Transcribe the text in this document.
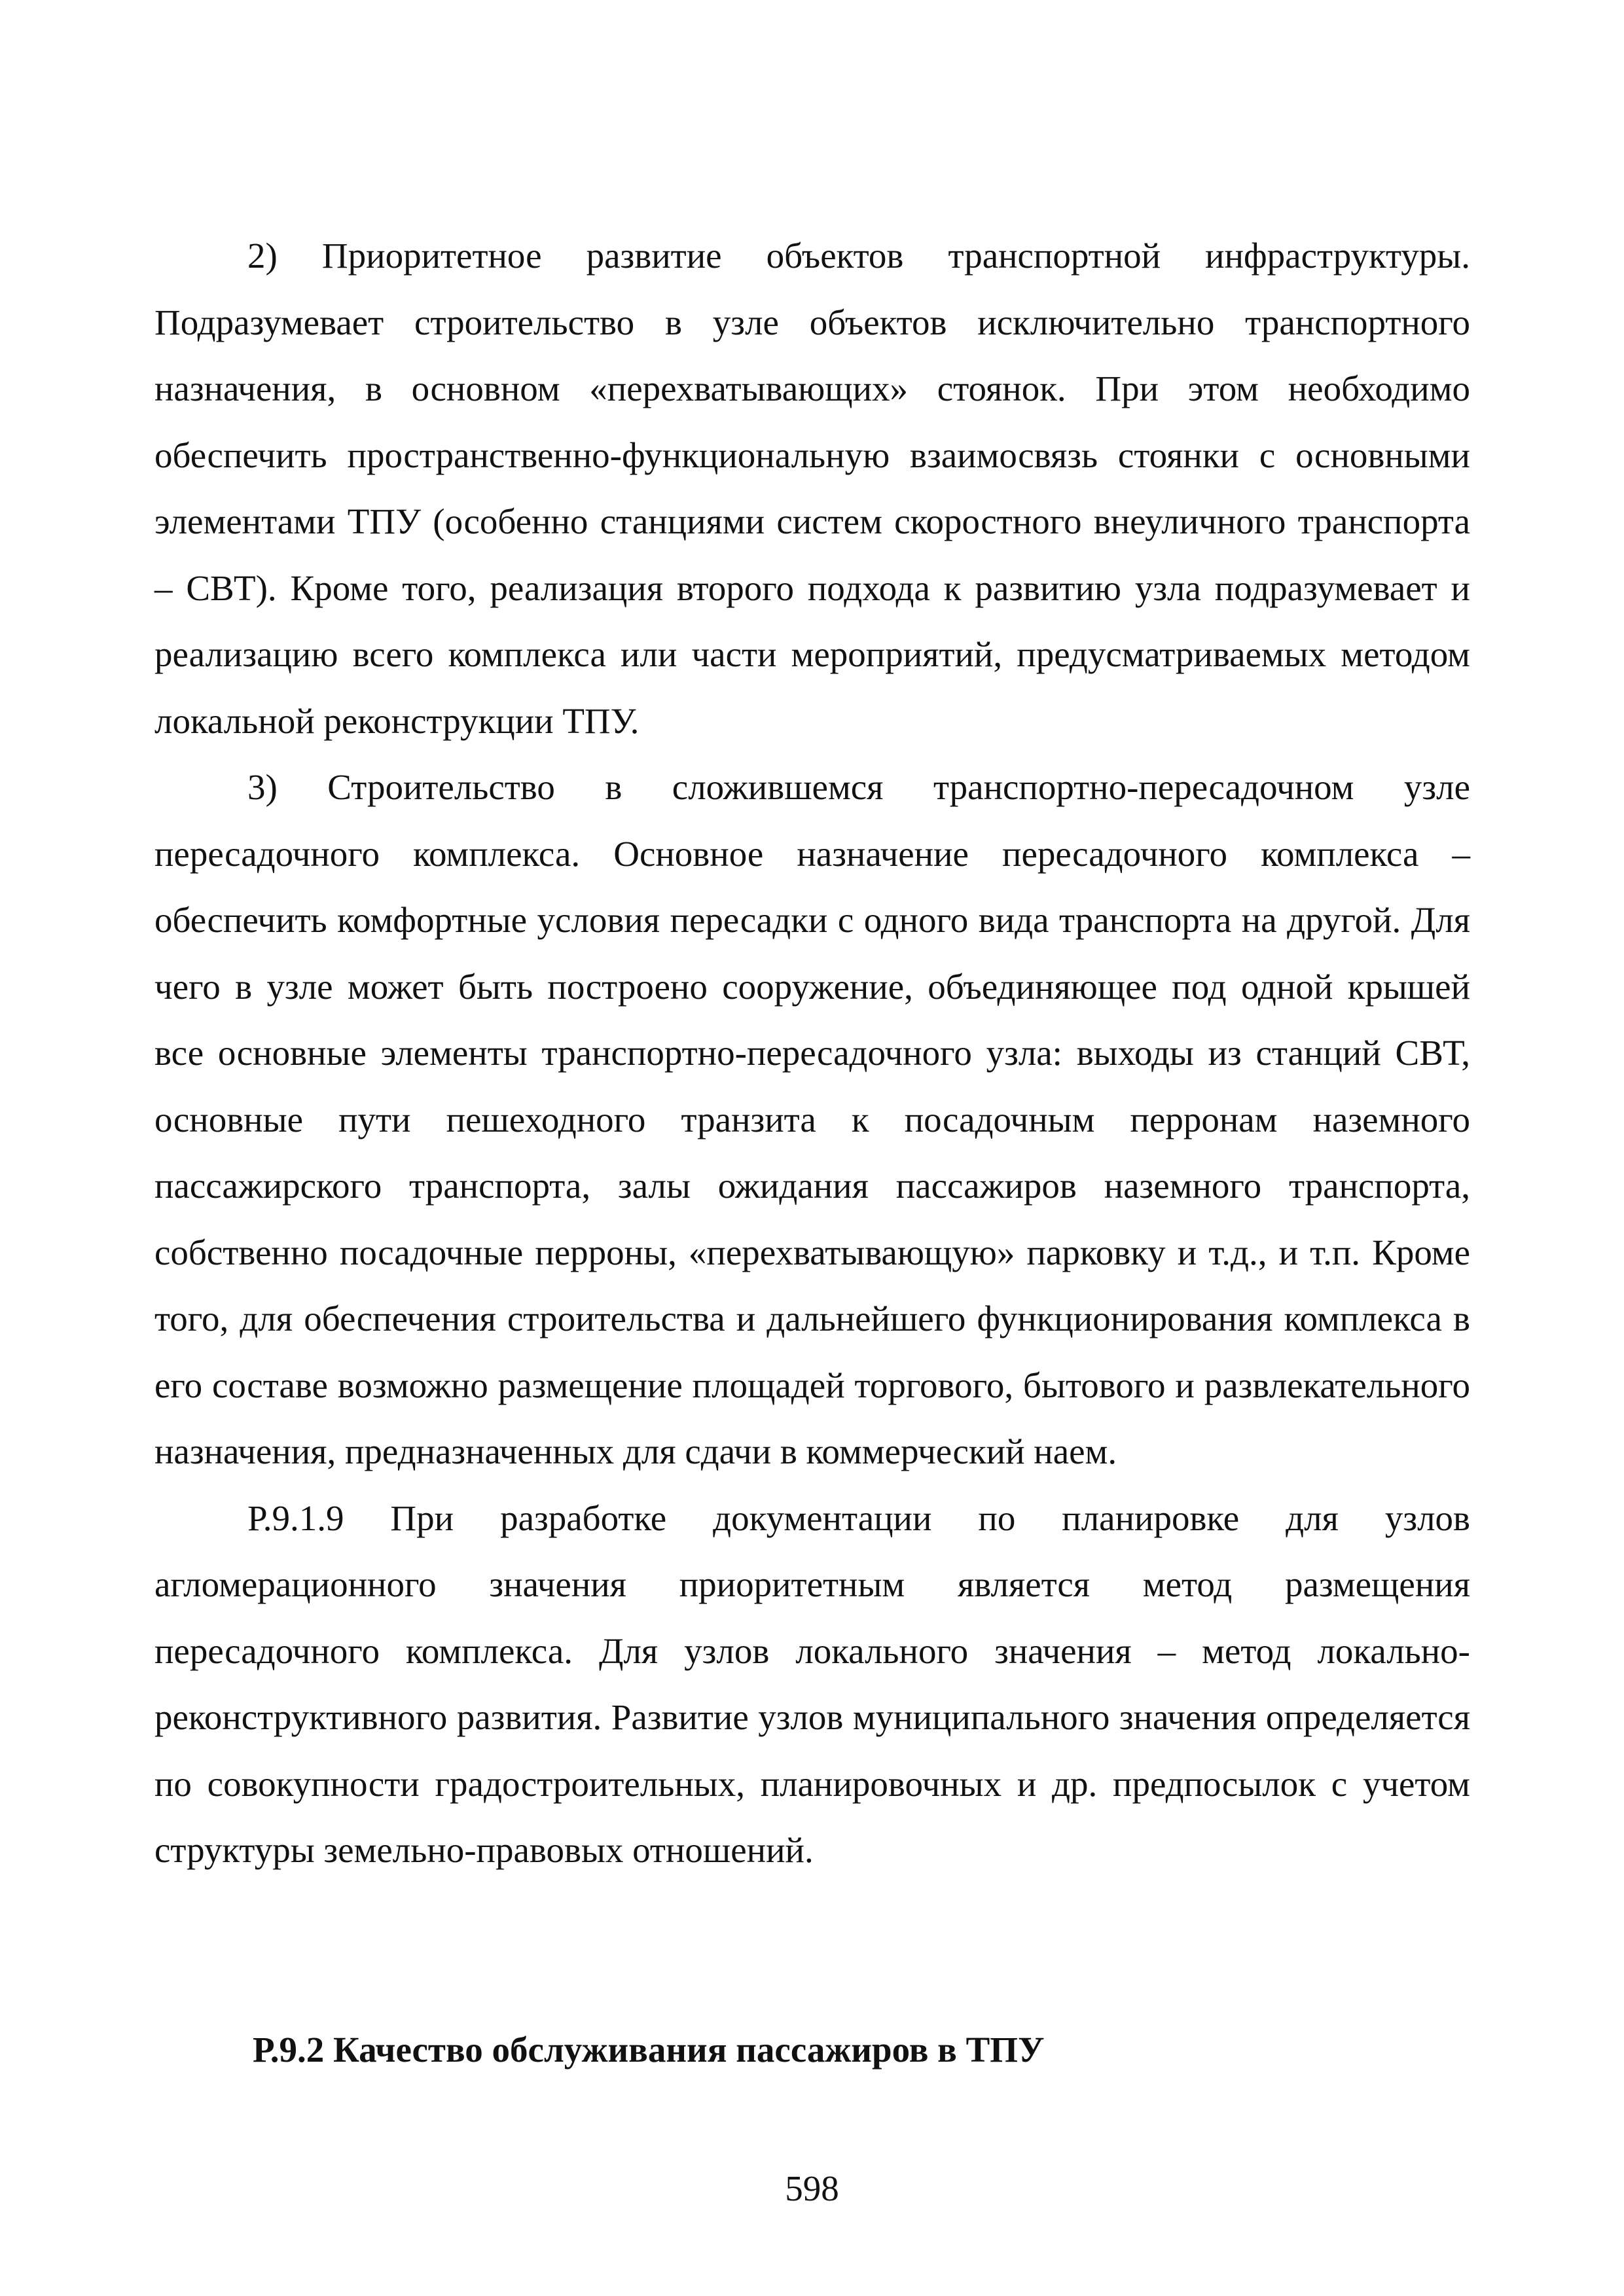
2) Приоритетное развитие объектов транспортной инфраструктуры. Подразумевает строительство в узле объектов исключительно транспортного назначения, в основном «перехватывающих» стоянок. При этом необходимо обеспечить пространственно-функциональную взаимосвязь стоянки с основными элементами ТПУ (особенно станциями систем скоростного внеуличного транспорта – СВТ). Кроме того, реализация второго подхода к развитию узла подразумевает и реализацию всего комплекса или части мероприятий, предусматриваемых методом локальной реконструкции ТПУ.

3) Строительство в сложившемся транспортно-пересадочном узле пересадочного комплекса. Основное назначение пересадочного комплекса – обеспечить комфортные условия пересадки с одного вида транспорта на другой. Для чего в узле может быть построено сооружение, объединяющее под одной крышей все основные элементы транспортно-пересадочного узла: выходы из станций СВТ, основные пути пешеходного транзита к посадочным перронам наземного пассажирского транспорта, залы ожидания пассажиров наземного транспорта, собственно посадочные перроны, «перехватывающую» парковку и т.д., и т.п. Кроме того, для обеспечения строительства и дальнейшего функционирования комплекса в его составе возможно размещение площадей торгового, бытового и развлекательного назначения, предназначенных для сдачи в коммерческий наем.

Р.9.1.9 При разработке документации по планировке для узлов агломерационного значения приоритетным является метод размещения пересадочного комплекса. Для узлов локального значения – метод локально-реконструктивного развития. Развитие узлов муниципального значения определяется по совокупности градостроительных, планировочных и др. предпосылок с учетом структуры земельно-правовых отношений.

Р.9.2 Качество обслуживания пассажиров в ТПУ
598
